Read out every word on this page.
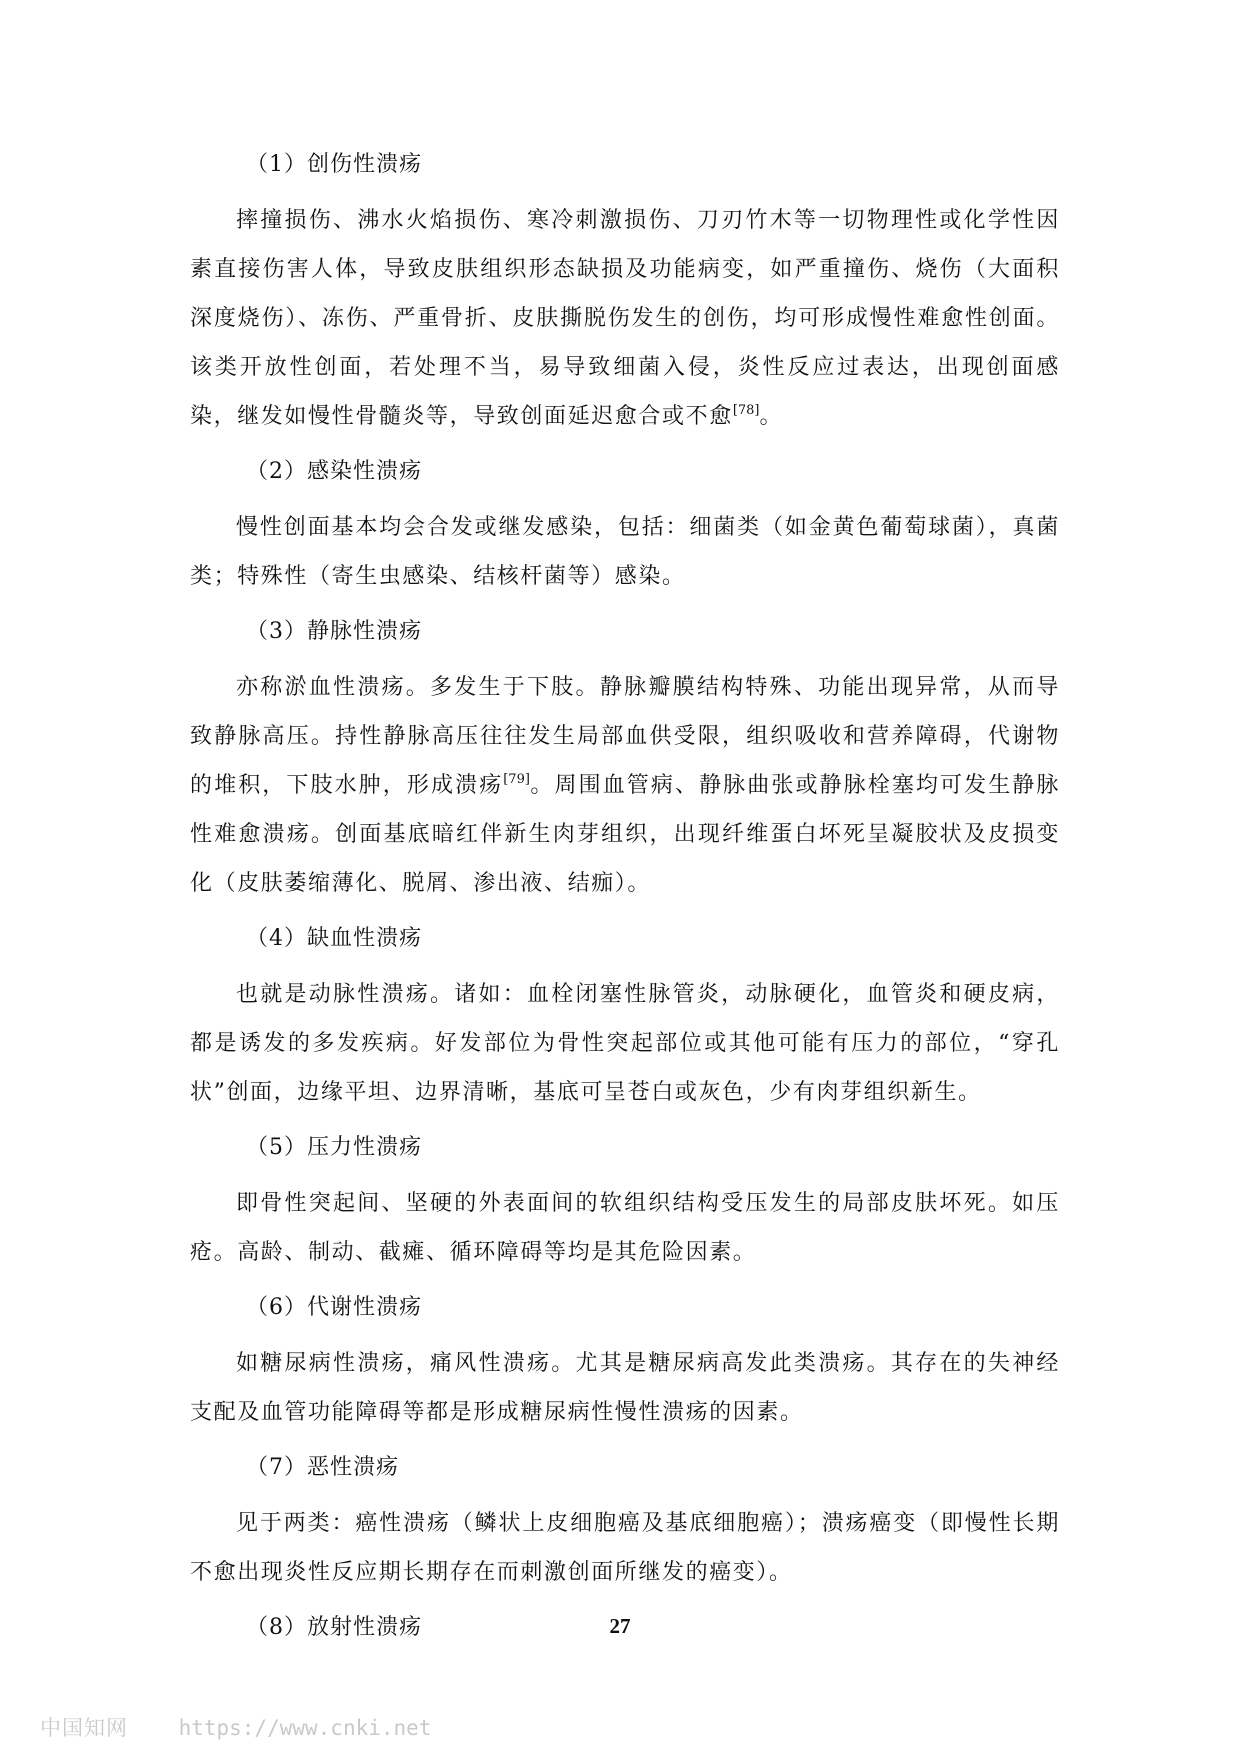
（1）创伤性溃疡

摔撞损伤、沸水火焰损伤、寒冷刺激损伤、刀刃竹木等一切物理性或化学性因素直接伤害人体，导致皮肤组织形态缺损及功能病变，如严重撞伤、烧伤（大面积深度烧伤）、冻伤、严重骨折、皮肤撕脱伤发生的创伤，均可形成慢性难愈性创面。该类开放性创面，若处理不当，易导致细菌入侵，炎性反应过表达，出现创面感染，继发如慢性骨髓炎等，导致创面延迟愈合或不愈[78]。

（2）感染性溃疡

慢性创面基本均会合发或继发感染，包括：细菌类（如金黄色葡萄球菌），真菌类；特殊性（寄生虫感染、结核杆菌等）感染。

（3）静脉性溃疡

亦称淤血性溃疡。多发生于下肢。静脉瓣膜结构特殊、功能出现异常，从而导致静脉高压。持性静脉高压往往发生局部血供受限，组织吸收和营养障碍，代谢物的堆积，下肢水肿，形成溃疡[79]。周围血管病、静脉曲张或静脉栓塞均可发生静脉性难愈溃疡。创面基底暗红伴新生肉芽组织，出现纤维蛋白坏死呈凝胶状及皮损变化（皮肤萎缩薄化、脱屑、渗出液、结痂）。

（4）缺血性溃疡

也就是动脉性溃疡。诸如：血栓闭塞性脉管炎，动脉硬化，血管炎和硬皮病，都是诱发的多发疾病。好发部位为骨性突起部位或其他可能有压力的部位，“穿孔状”创面，边缘平坦、边界清晰，基底可呈苍白或灰色，少有肉芽组织新生。

（5）压力性溃疡

即骨性突起间、坚硬的外表面间的软组织结构受压发生的局部皮肤坏死。如压疮。高龄、制动、截瘫、循环障碍等均是其危险因素。

（6）代谢性溃疡

如糖尿病性溃疡，痛风性溃疡。尤其是糖尿病高发此类溃疡。其存在的失神经支配及血管功能障碍等都是形成糖尿病性慢性溃疡的因素。

（7）恶性溃疡

见于两类：癌性溃疡（鳞状上皮细胞癌及基底细胞癌）；溃疡癌变（即慢性长期不愈出现炎性反应期长期存在而刺激创面所继发的癌变）。

（8）放射性溃疡	27
中国知网 https://www.cnki.net
